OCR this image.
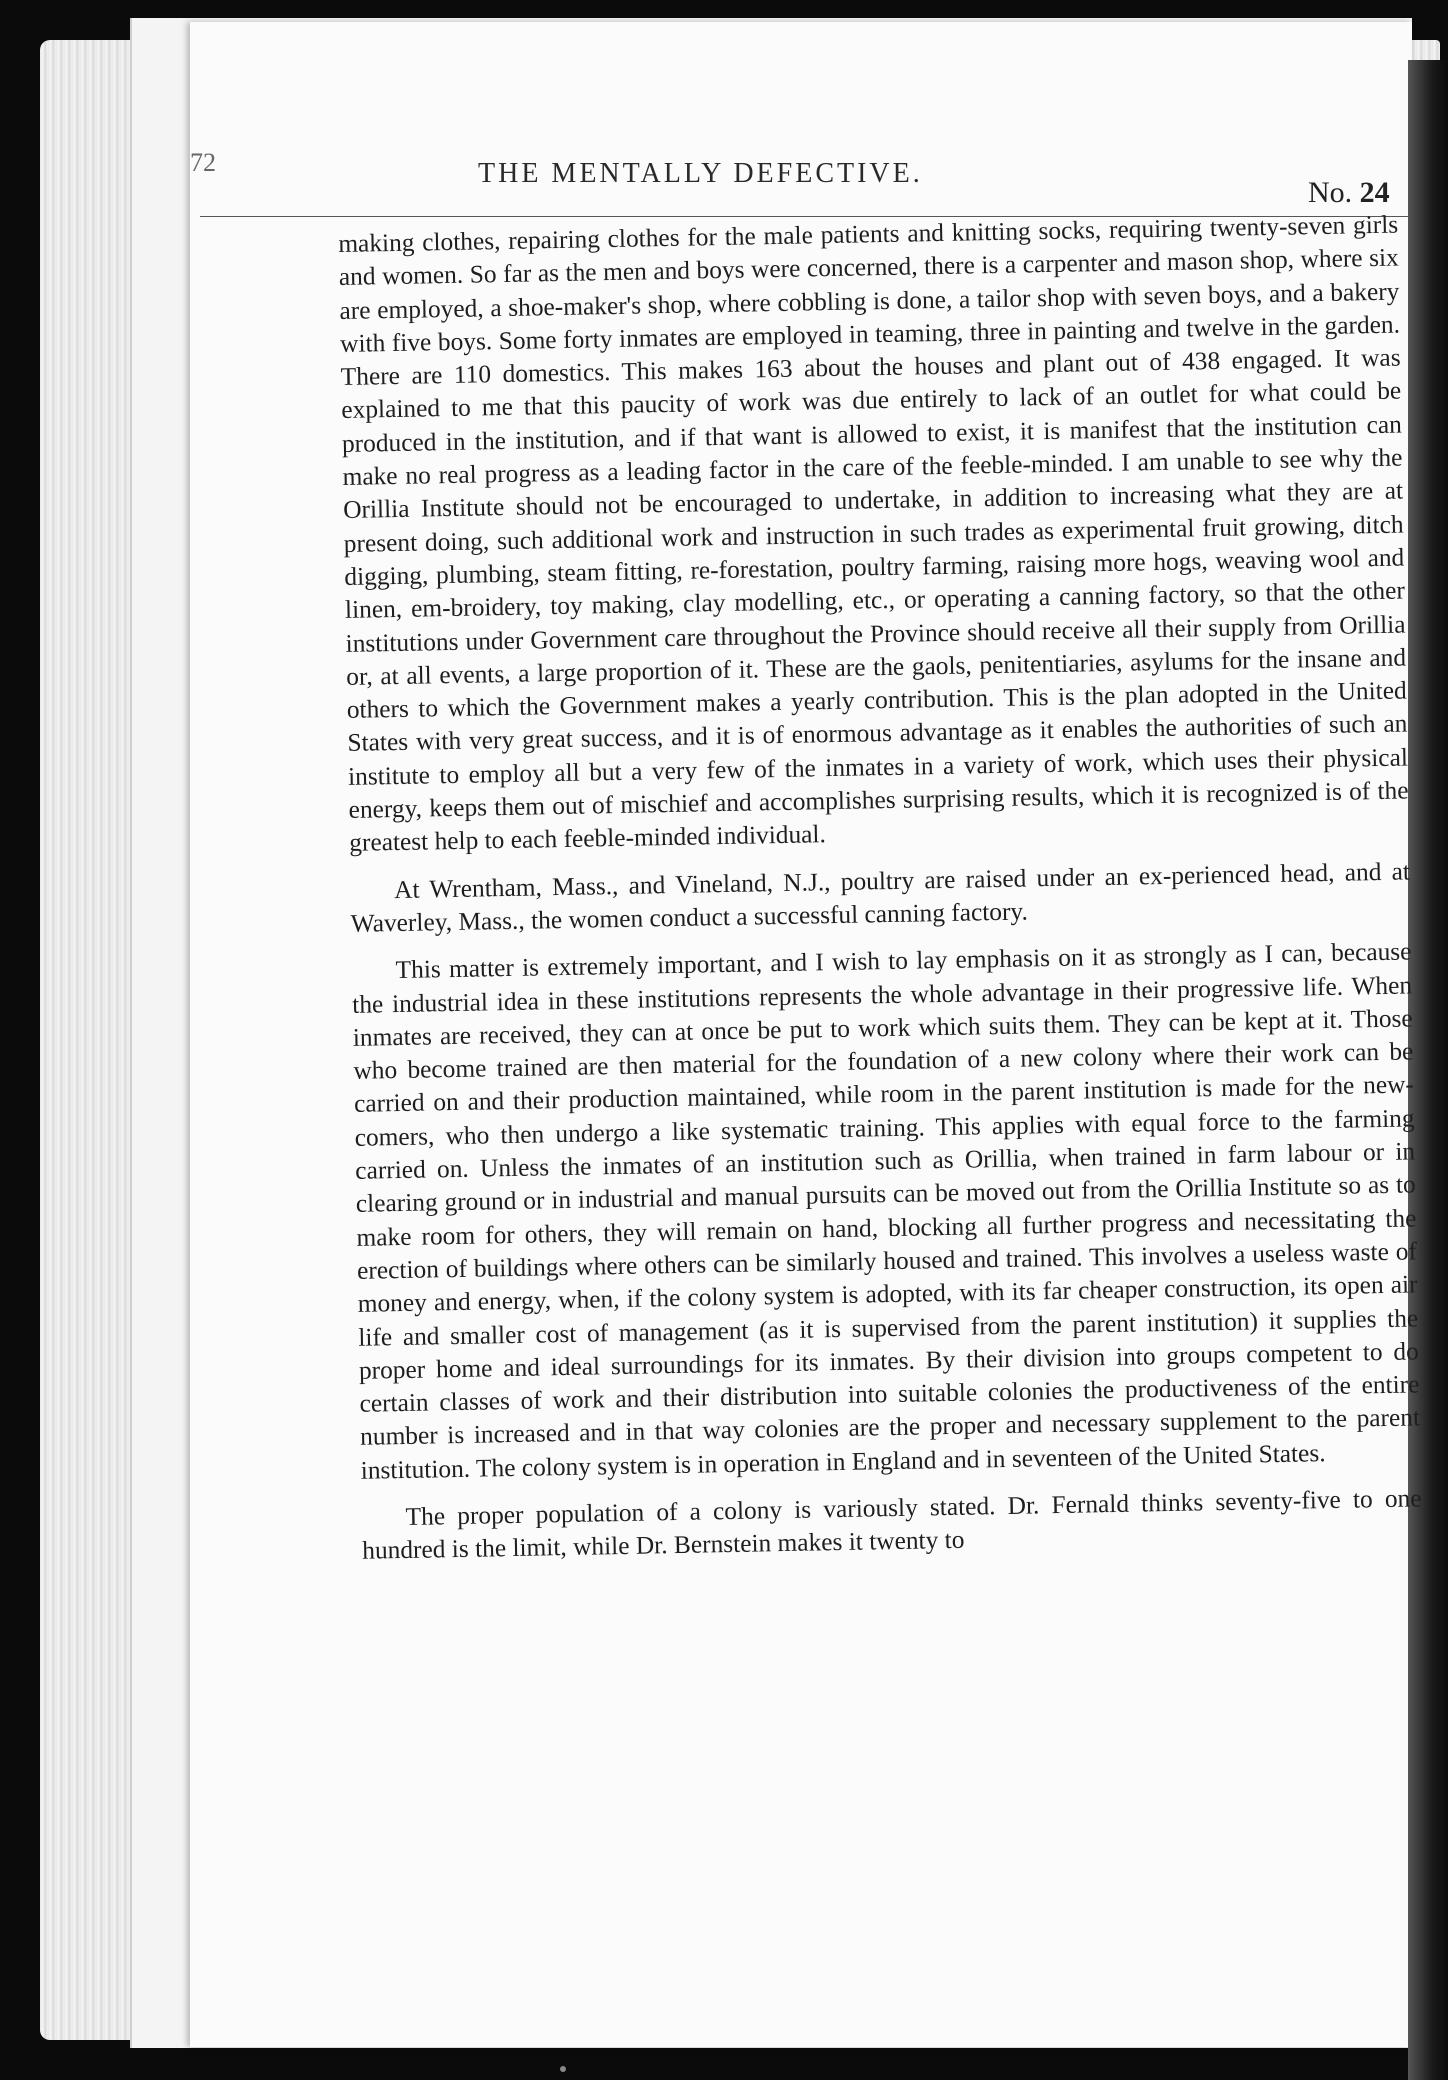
72	THE MENTALLY DEFECTIVE.
No. 24

making clothes, repairing clothes for the male patients and knitting socks, requiring twenty-seven girls and women. So far as the men and boys were concerned, there is a carpenter and mason shop, where six are employed, a shoe-maker's shop, where cobbling is done, a tailor shop with seven boys, and a bakery with five boys. Some forty inmates are employed in teaming, three in painting and twelve in the garden. There are 110 domestics. This makes 163 about the houses and plant out of 438 engaged. It was explained to me that this paucity of work was due entirely to lack of an outlet for what could be produced in the institution, and if that want is allowed to exist, it is manifest that the institution can make no real progress as a leading factor in the care of the feeble-minded. I am unable to see why the Orillia Institute should not be encouraged to undertake, in addition to increasing what they are at present doing, such additional work and instruction in such trades as experimental fruit growing, ditch digging, plumbing, steam fitting, re-forestation, poultry farming, raising more hogs, weaving wool and linen, em-broidery, toy making, clay modelling, etc., or operating a canning factory, so that the other institutions under Government care throughout the Province should receive all their supply from Orillia or, at all events, a large proportion of it. These are the gaols, penitentiaries, asylums for the insane and others to which the Government makes a yearly contribution. This is the plan adopted in the United States with very great success, and it is of enormous advantage as it enables the authorities of such an institute to employ all but a very few of the inmates in a variety of work, which uses their physical energy, keeps them out of mischief and accomplishes surprising results, which it is recognized is of the greatest help to each feeble-minded individual.

At Wrentham, Mass., and Vineland, N.J., poultry are raised under an ex-perienced head, and at Waverley, Mass., the women conduct a successful canning factory.

This matter is extremely important, and I wish to lay emphasis on it as strongly as I can, because the industrial idea in these institutions represents the whole advantage in their progressive life. When inmates are received, they can at once be put to work which suits them. They can be kept at it. Those who become trained are then material for the foundation of a new colony where their work can be carried on and their production maintained, while room in the parent institution is made for the new-comers, who then undergo a like systematic training. This applies with equal force to the farming carried on. Unless the inmates of an institution such as Orillia, when trained in farm labour or in clearing ground or in industrial and manual pursuits can be moved out from the Orillia Institute so as to make room for others, they will remain on hand, blocking all further progress and necessitating the erection of buildings where others can be similarly housed and trained. This involves a useless waste of money and energy, when, if the colony system is adopted, with its far cheaper construction, its open air life and smaller cost of management (as it is supervised from the parent institution) it supplies the proper home and ideal surroundings for its inmates. By their division into groups competent to do certain classes of work and their distribution into suitable colonies the productiveness of the entire number is increased and in that way colonies are the proper and necessary supplement to the parent institution. The colony system is in operation in England and in seventeen of the United States.

The proper population of a colony is variously stated. Dr. Fernald thinks seventy-five to one hundred is the limit, while Dr. Bernstein makes it twenty to
